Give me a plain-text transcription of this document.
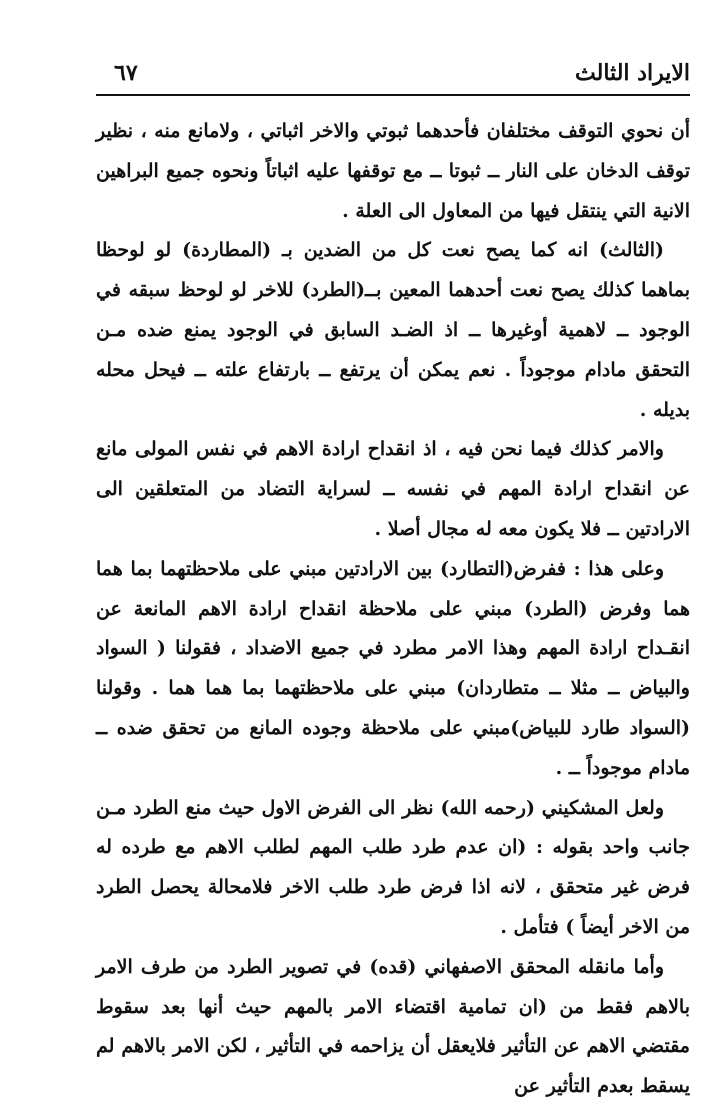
الايراد الثالث
٦٧

أن نحوي التوقف مختلفان فأحدهما ثبوتي والاخر اثباتي ، ولامانع منه ، نظير توقف الدخان على النار ــ ثبوتا ــ مع توقفها عليه اثباتاً ونحوه جميع البراهين الانية التي ينتقل فيها من المعاول الى العلة .

(الثالث) انه كما يصح نعت كل من الضدين بـ (المطاردة) لو لوحظا بماهما كذلك يصح نعت أحدهما المعين بــ(الطرد) للاخر لو لوحظ سبقه في الوجود ــ لاهمية أوغيرها ــ اذ الضـد السابق في الوجود يمنع ضده مـن التحقق مادام موجوداً . نعم يمكن أن يرتفع ــ بارتفاع علته ــ فيحل محله بديله .

والامر كذلك فيما نحن فيه ، اذ انقداح ارادة الاهم في نفس المولى مانع عن انقداح ارادة المهم في نفسه ــ لسراية التضاد من المتعلقين الى الارادتين ــ فلا يكون معه له مجال أصلا .

وعلى هذا : ففرض(التطارد) بين الارادتين مبني على ملاحظتهما بما هما هما وفرض (الطرد) مبني على ملاحظة انقداح ارادة الاهم المانعة عن انقـداح ارادة المهم وهذا الامر مطرد في جميع الاضداد ، فقولنا ( السواد والبياض ــ مثلا ــ متطاردان) مبني على ملاحظتهما بما هما هما . وقولنا (السواد طارد للبياض)مبني على ملاحظة وجوده المانع من تحقق ضده ــ مادام موجوداً ــ .

ولعل المشكيني (رحمه الله) نظر الى الفرض الاول حيث منع الطرد مـن جانب واحد بقوله : (ان عدم طرد طلب المهم لطلب الاهم مع طرده له فرض غير متحقق ، لانه اذا فرض طرد طلب الاخر فلامحالة يحصل الطرد من الاخر أيضاً ) فتأمل .

وأما مانقله المحقق الاصفهاني (قده) في تصوير الطرد من طرف الامر بالاهم فقط من (ان تمامية اقتضاء الامر بالمهم حيث أنها بعد سقوط مقتضي الاهم عن التأثير فلايعقل أن يزاحمه في التأثير ، لكن الامر بالاهم لم يسقط بعدم التأثير عن
